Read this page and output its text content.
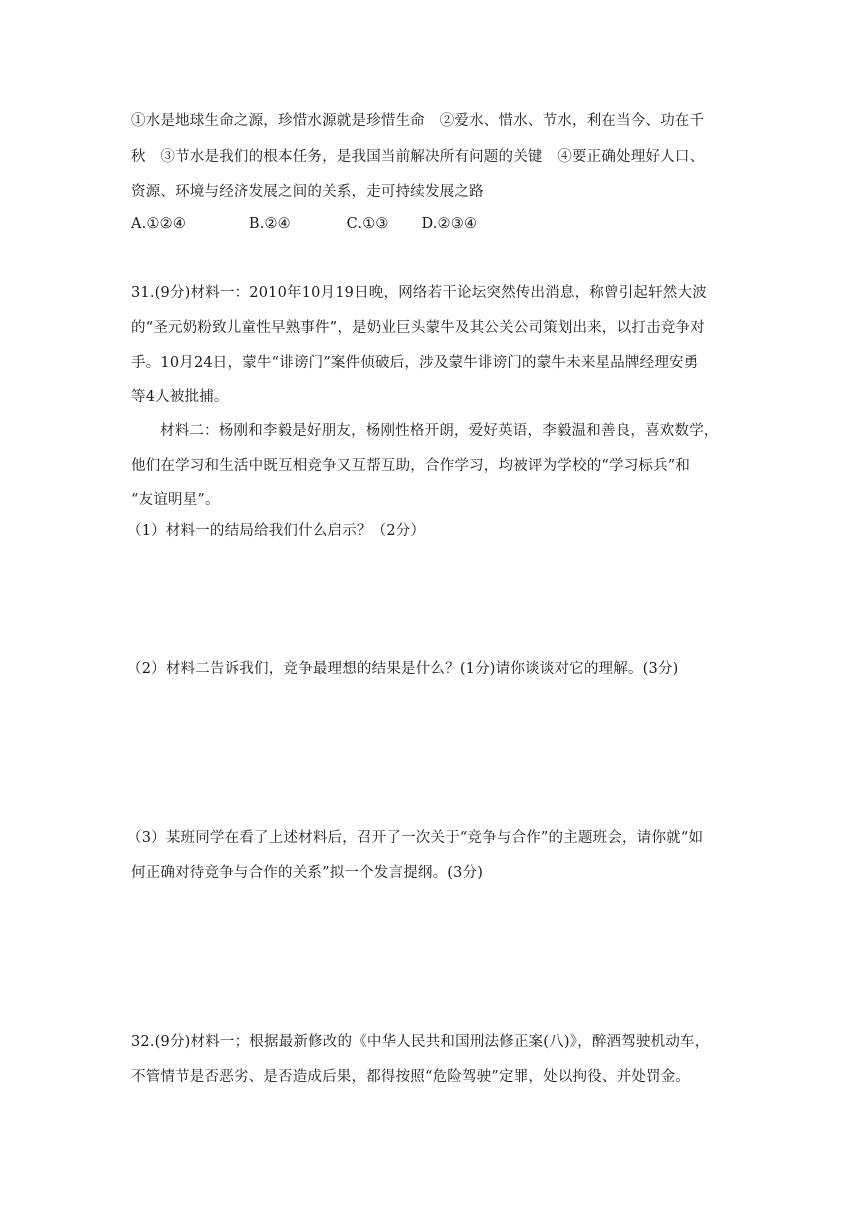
①水是地球生命之源，珍惜水源就是珍惜生命　②爱水、惜水、节水，利在当今、功在千
秋　③节水是我们的根本任务，是我国当前解决所有问题的关键　④要正确处理好人口、
资源、环境与经济发展之间的关系，走可持续发展之路
A.①②④	B.②④	C.①③ D.②③④
31.(9分)材料一：2010年10月19日晚，网络若干论坛突然传出消息，称曾引起轩然大波
的“圣元奶粉致儿童性早熟事件”，是奶业巨头蒙牛及其公关公司策划出来，以打击竞争对
手。10月24日，蒙牛“诽谤门”案件侦破后，涉及蒙牛诽谤门的蒙牛未来星品牌经理安勇
等4人被批捕。
材料二：杨刚和李毅是好朋友，杨刚性格开朗，爱好英语，李毅温和善良，喜欢数学，
他们在学习和生活中既互相竞争又互帮互助，合作学习，均被评为学校的“学习标兵”和
“友谊明星”。
（1）材料一的结局给我们什么启示？（2分）
（2）材料二告诉我们，竞争最理想的结果是什么？(1分)请你谈谈对它的理解。(3分)
（3）某班同学在看了上述材料后，召开了一次关于“竞争与合作”的主题班会，请你就“如
何正确对待竞争与合作的关系”拟一个发言提纲。(3分)
32.(9分)材料一；根据最新修改的《中华人民共和国刑法修正案(八)》，醉酒驾驶机动车，
不管情节是否恶劣、是否造成后果，都得按照“危险驾驶”定罪，处以拘役、并处罚金。
